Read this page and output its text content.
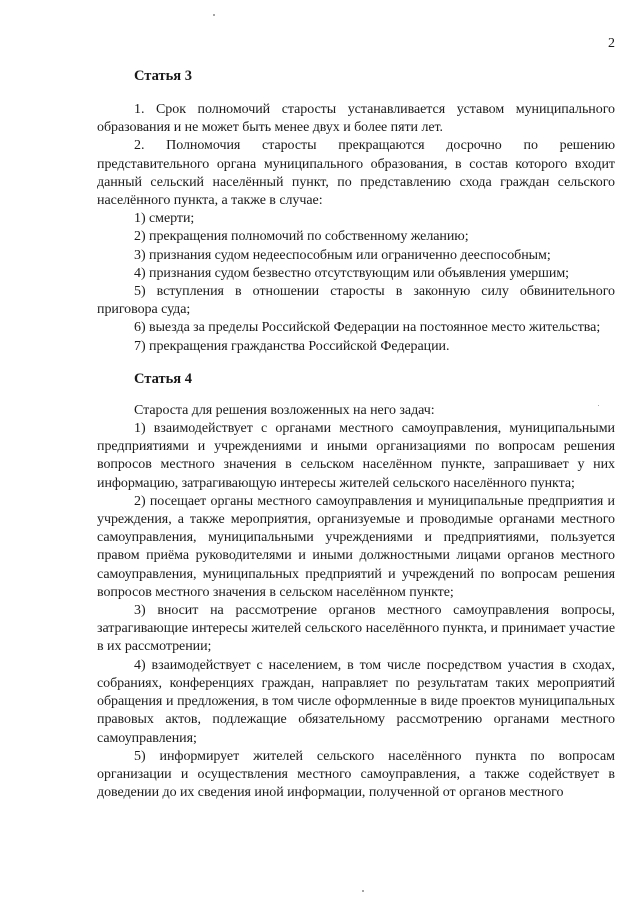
2
Статья 3

1. Срок полномочий старосты устанавливается уставом муниципального образования и не может быть менее двух и более пяти лет.

2. Полномочия старосты прекращаются досрочно по решению представительного органа муниципального образования, в состав которого входит данный сельский населённый пункт, по представлению схода граждан сельского населённого пункта, а также в случае:

1) смерти;

2) прекращения полномочий по собственному желанию;

3) признания судом недееспособным или ограниченно дееспособным;

4) признания судом безвестно отсутствующим или объявления умершим;

5) вступления в отношении старосты в законную силу обвинительного приговора суда;

6) выезда за пределы Российской Федерации на постоянное место жительства;

7) прекращения гражданства Российской Федерации.

Статья 4

Староста для решения возложенных на него задач:

1) взаимодействует с органами местного самоуправления, муниципальными предприятиями и учреждениями и иными организациями по вопросам решения вопросов местного значения в сельском населённом пункте, запрашивает у них информацию, затрагивающую интересы жителей сельского населённого пункта;

2) посещает органы местного самоуправления и муниципальные предприятия и учреждения, а также мероприятия, организуемые и проводимые органами местного самоуправления, муниципальными учреждениями и предприятиями, пользуется правом приёма руководителями и иными должностными лицами органов местного самоуправления, муниципальных предприятий и учреждений по вопросам решения вопросов местного значения в сельском населённом пункте;

3) вносит на рассмотрение органов местного самоуправления вопросы, затрагивающие интересы жителей сельского населённого пункта, и принимает участие в их рассмотрении;

4) взаимодействует с населением, в том числе посредством участия в сходах, собраниях, конференциях граждан, направляет по результатам таких мероприятий обращения и предложения, в том числе оформленные в виде проектов муниципальных правовых актов, подлежащие обязательному рассмотрению органами местного самоуправления;

5) информирует жителей сельского населённого пункта по вопросам организации и осуществления местного самоуправления, а также содействует в доведении до их сведения иной информации, полученной от органов местного
